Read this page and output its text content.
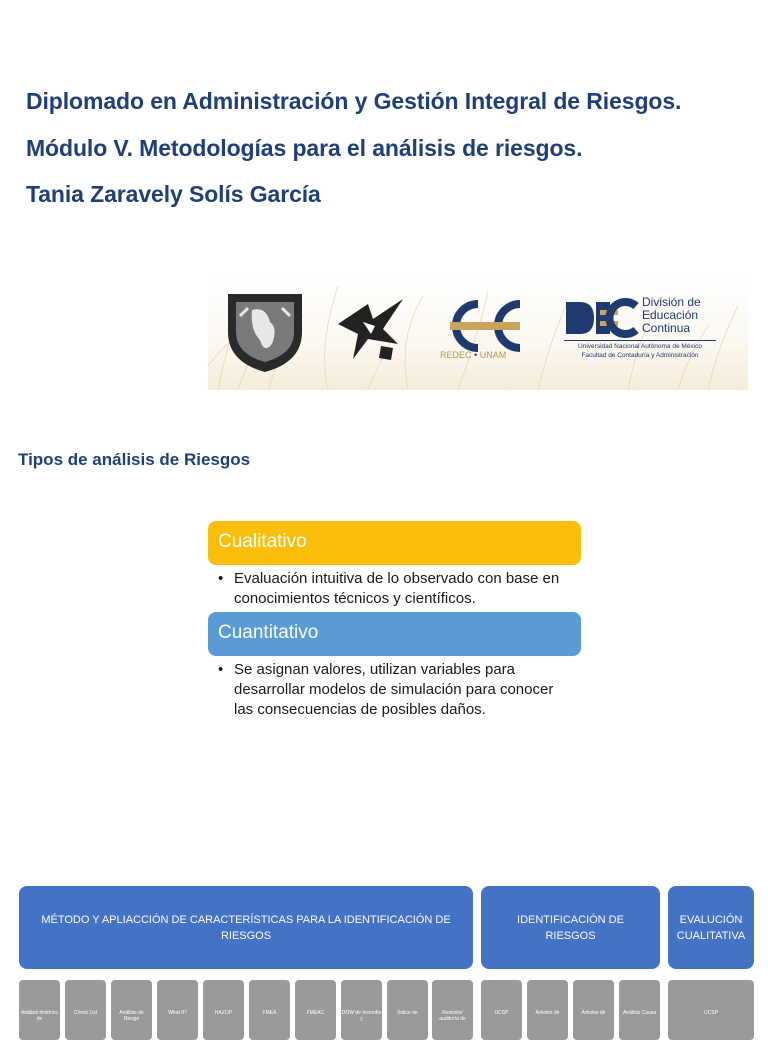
Diplomado en Administración y Gestión Integral de Riesgos.
Módulo V. Metodologías para el análisis de riesgos.
Tania Zaravely Solís García
REDEC • UNAM
División de
Educación
Continua
Universidad Nacional Autónoma de México
Facultad de Contaduría y Administración
Tipos de análisis de Riesgos
Cualitativo
• Evaluación intuitiva de lo observado con base en conocimientos técnicos y científicos.
Cuantitativo
• Se asignan valores, utilizan variables para desarrollar modelos de simulación para conocer las consecuencias de posibles daños.
MÉTODO Y APLIACCIÓN DE CARACTERÍSTICAS PARA LA IDENTIFICACIÓN DE RIESGOS
IDENTIFICACIÓN DE RIESGOS
EVALUCIÓN CUALITATIVA
Análisis histórico de
Check List	Análisis de Riesgo
What If?	HAZOP	FMEA	FMEAC	DOW de Incendio y
Índice de	Revisión/ auditoría de
UCSP	Árboles de	Árboles de	Análisis Causa	UCSP
